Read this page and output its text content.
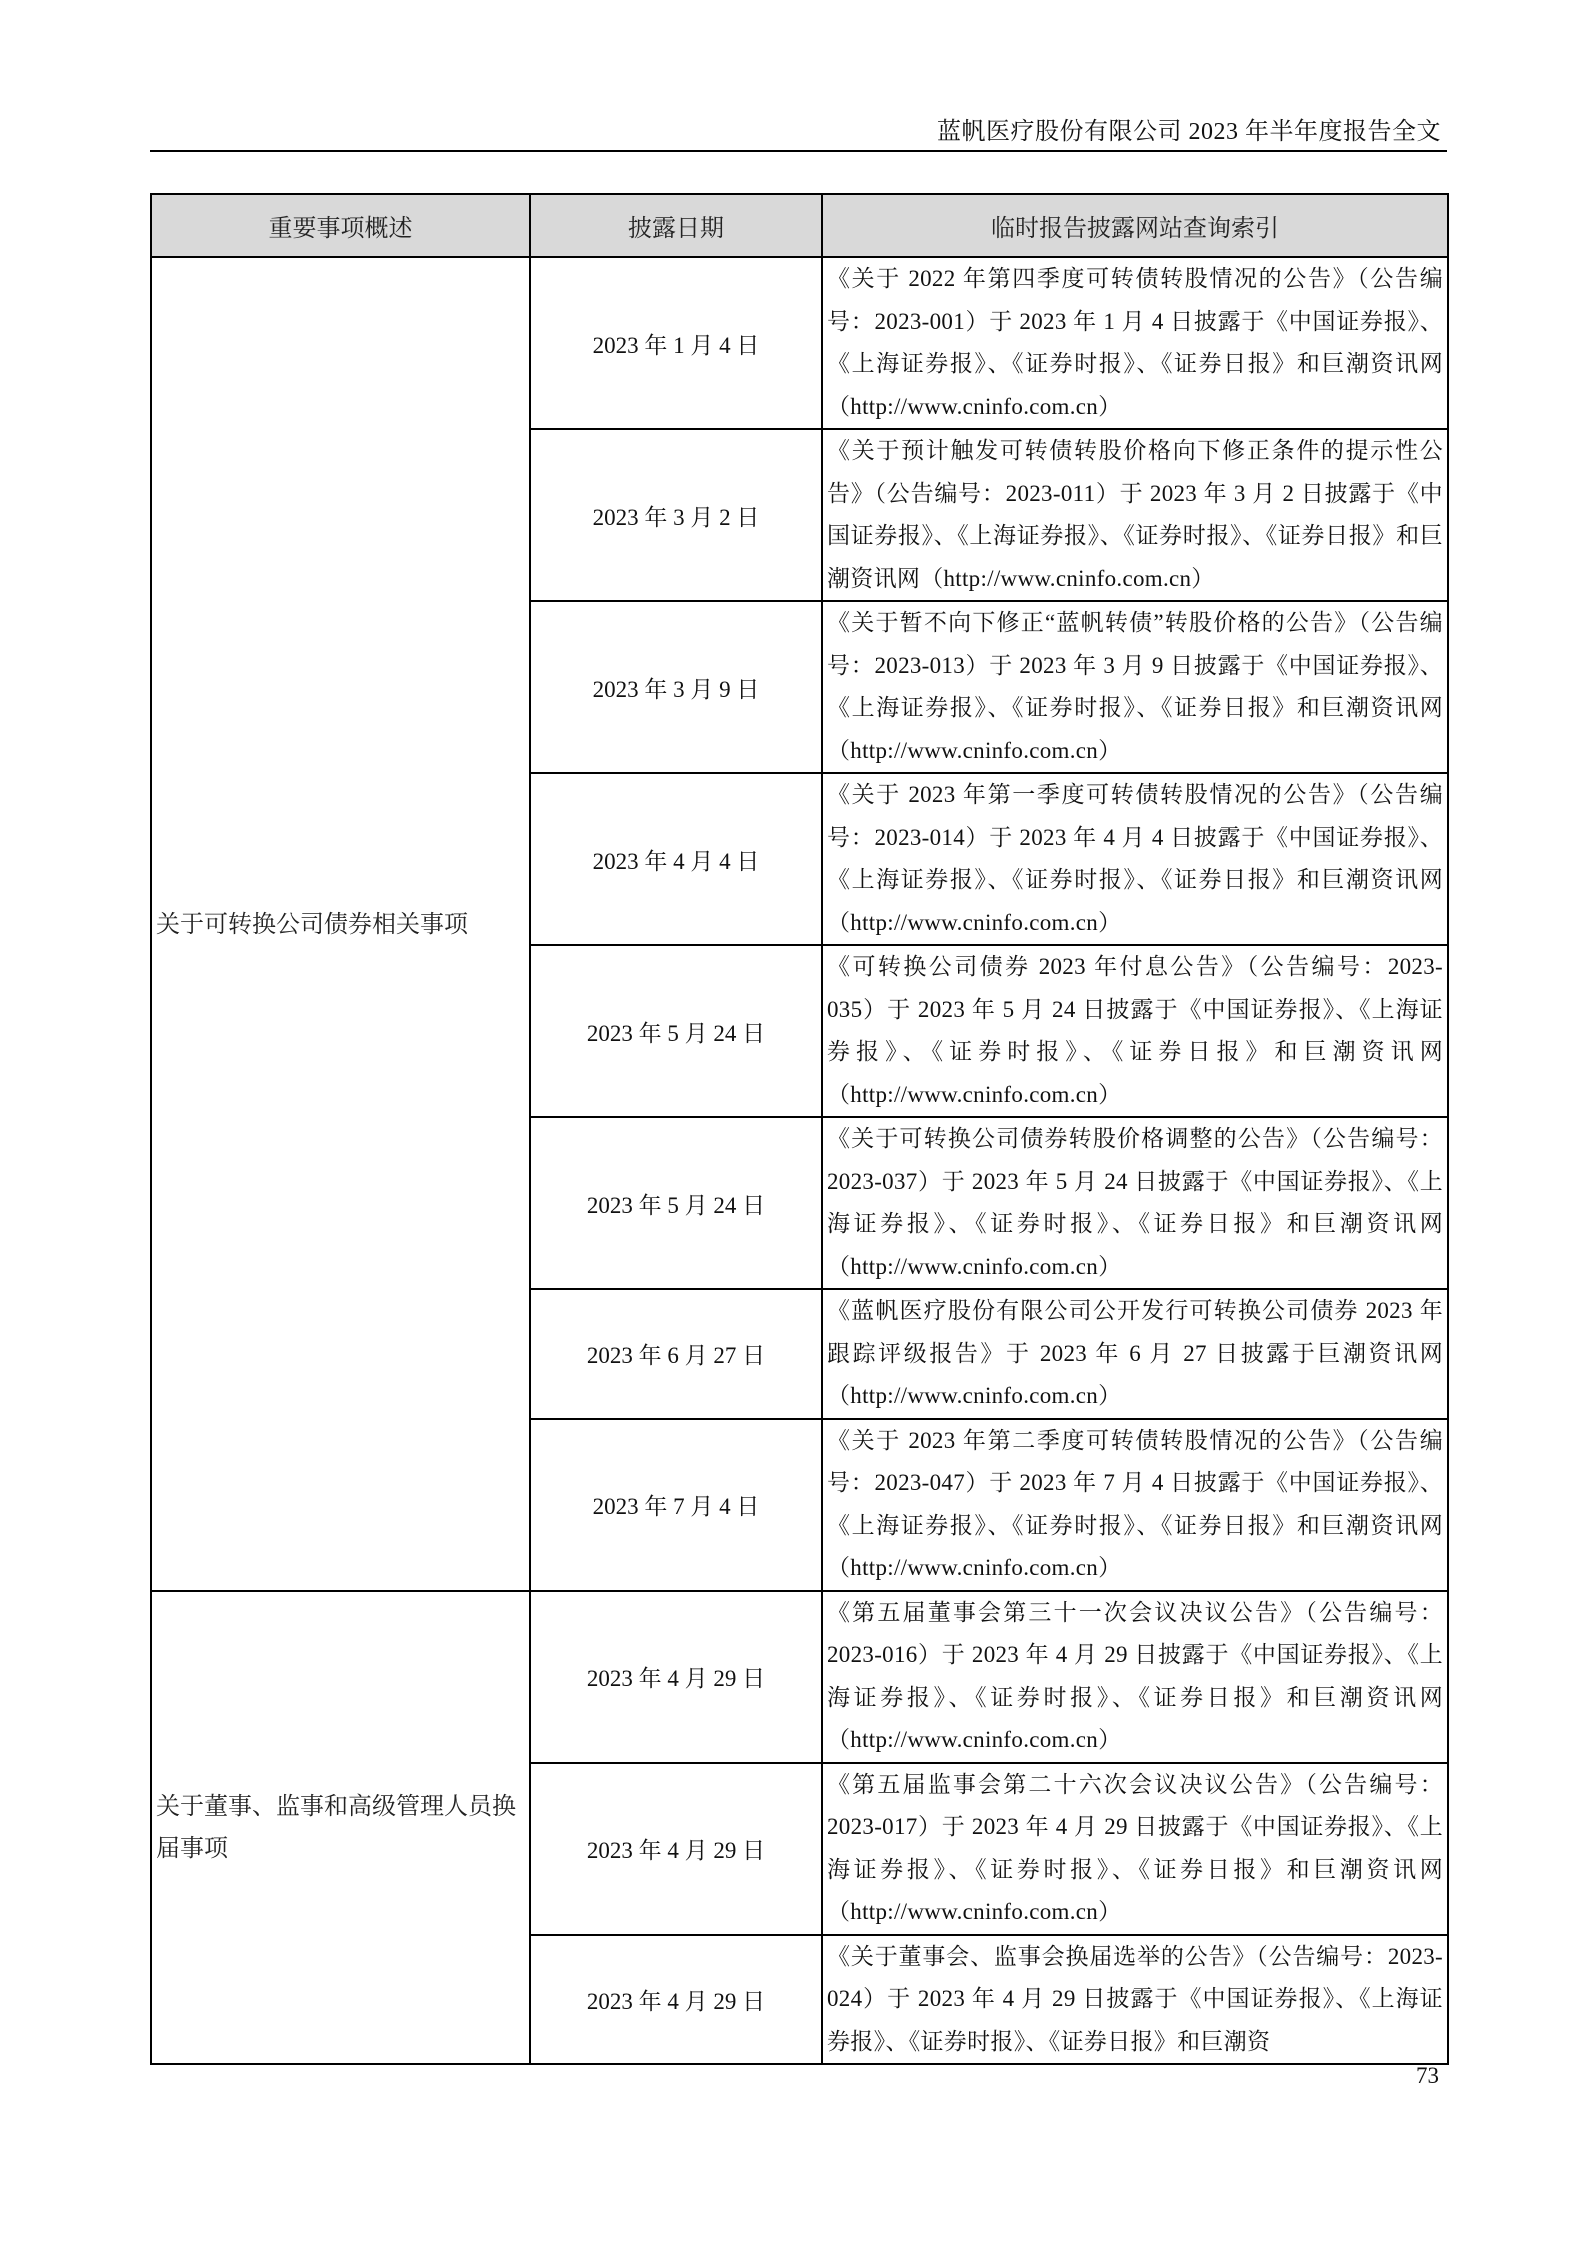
蓝帆医疗股份有限公司 2023 年半年度报告全文
重要事项概述	披露日期	临时报告披露网站查询索引
关于可转换公司债券相关事项	2023 年 1 月 4 日	《关于 2022 年第四季度可转债转股情况的公告》（公告编号：2023-001）于 2023 年 1 月 4 日披露于《中国证券报》、《上海证券报》、《证券时报》、《证券日报》和巨潮资讯网（http://www.cninfo.com.cn）
	2023 年 3 月 2 日	《关于预计触发可转债转股价格向下修正条件的提示性公告》（公告编号：2023-011）于 2023 年 3 月 2 日披露于《中国证券报》、《上海证券报》、《证券时报》、《证券日报》和巨潮资讯网（http://www.cninfo.com.cn）
	2023 年 3 月 9 日	《关于暂不向下修正“蓝帆转债”转股价格的公告》（公告编号：2023-013）于 2023 年 3 月 9 日披露于《中国证券报》、《上海证券报》、《证券时报》、《证券日报》和巨潮资讯网（http://www.cninfo.com.cn）
	2023 年 4 月 4 日	《关于 2023 年第一季度可转债转股情况的公告》（公告编号：2023-014）于 2023 年 4 月 4 日披露于《中国证券报》、《上海证券报》、《证券时报》、《证券日报》和巨潮资讯网（http://www.cninfo.com.cn）
	2023 年 5 月 24 日	《可转换公司债券 2023 年付息公告》（公告编号：2023-035）于 2023 年 5 月 24 日披露于《中国证券报》、《上海证券报》、《证券时报》、《证券日报》和巨潮资讯网（http://www.cninfo.com.cn）
	2023 年 5 月 24 日	《关于可转换公司债券转股价格调整的公告》（公告编号：2023-037）于 2023 年 5 月 24 日披露于《中国证券报》、《上海证券报》、《证券时报》、《证券日报》和巨潮资讯网（http://www.cninfo.com.cn）
	2023 年 6 月 27 日	《蓝帆医疗股份有限公司公开发行可转换公司债券 2023 年跟踪评级报告》于 2023 年 6 月 27 日披露于巨潮资讯网（http://www.cninfo.com.cn）
	2023 年 7 月 4 日	《关于 2023 年第二季度可转债转股情况的公告》（公告编号：2023-047）于 2023 年 7 月 4 日披露于《中国证券报》、《上海证券报》、《证券时报》、《证券日报》和巨潮资讯网（http://www.cninfo.com.cn）
关于董事、监事和高级管理人员换届事项	2023 年 4 月 29 日	《第五届董事会第三十一次会议决议公告》（公告编号：2023-016）于 2023 年 4 月 29 日披露于《中国证券报》、《上海证券报》、《证券时报》、《证券日报》和巨潮资讯网（http://www.cninfo.com.cn）
	2023 年 4 月 29 日	《第五届监事会第二十六次会议决议公告》（公告编号：2023-017）于 2023 年 4 月 29 日披露于《中国证券报》、《上海证券报》、《证券时报》、《证券日报》和巨潮资讯网（http://www.cninfo.com.cn）
	2023 年 4 月 29 日	《关于董事会、监事会换届选举的公告》（公告编号：2023-024）于 2023 年 4 月 29 日披露于《中国证券报》、《上海证券报》、《证券时报》、《证券日报》和巨潮资
73
